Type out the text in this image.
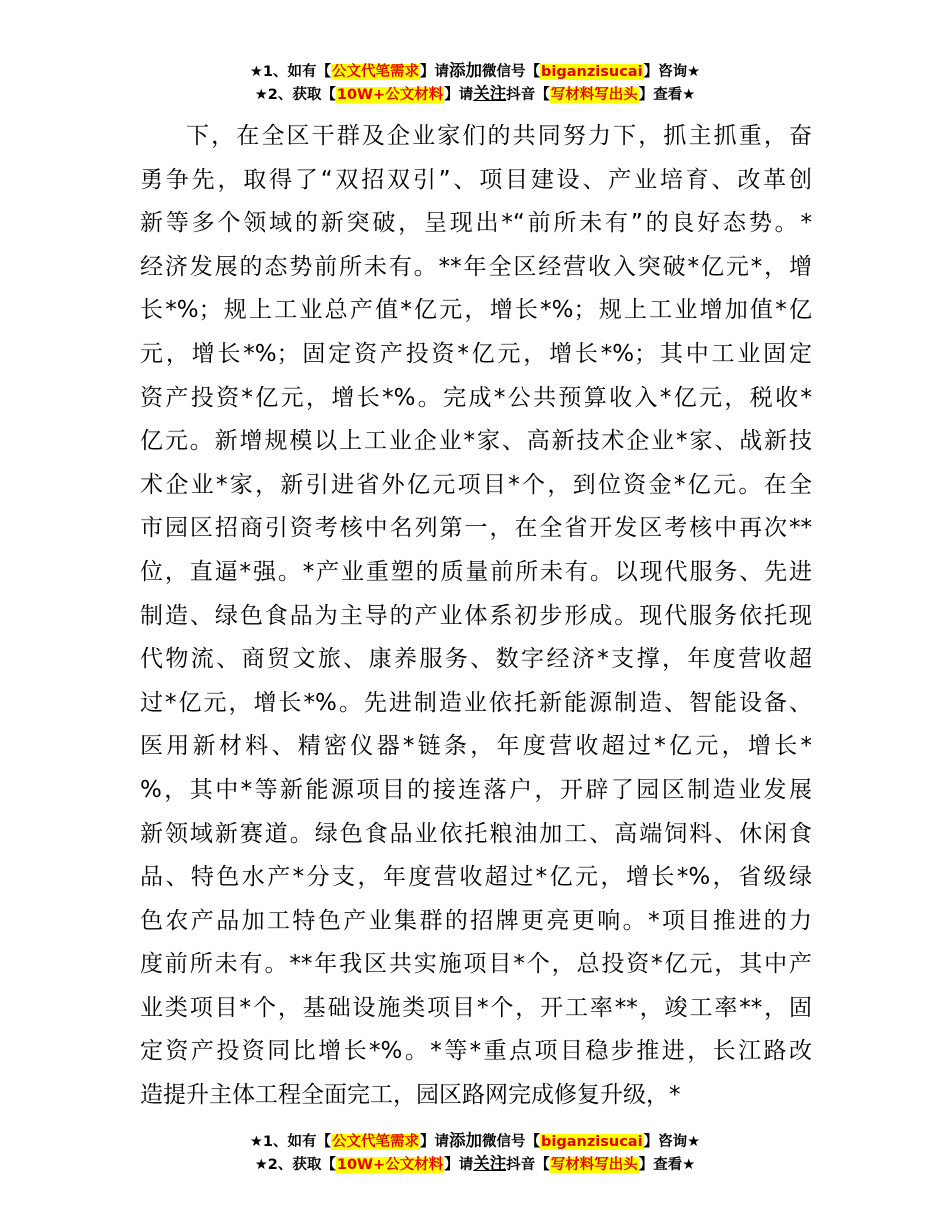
★1、如有【公文代笔需求】请添加微信号【biganzisucai】咨询★
★2、获取【10W+公文材料】请关注抖音【写材料写出头】查看★
下，在全区干群及企业家们的共同努力下，抓主抓重，奋
勇争先，取得了“双招双引”、项目建设、产业培育、改革创
新等多个领域的新突破，呈现出*“前所未有”的良好态势。*
经济发展的态势前所未有。**年全区经营收入突破*亿元*，增
长*%；规上工业总产值*亿元，增长*%；规上工业增加值*亿
元，增长*%；固定资产投资*亿元，增长*%；其中工业固定
资产投资*亿元，增长*%。完成*公共预算收入*亿元，税收*
亿元。新增规模以上工业企业*家、高新技术企业*家、战新技
术企业*家，新引进省外亿元项目*个，到位资金*亿元。在全
市园区招商引资考核中名列第一，在全省开发区考核中再次**
位，直逼*强。*产业重塑的质量前所未有。以现代服务、先进
制造、绿色食品为主导的产业体系初步形成。现代服务依托现
代物流、商贸文旅、康养服务、数字经济*支撑，年度营收超
过*亿元，增长*%。先进制造业依托新能源制造、智能设备、
医用新材料、精密仪器*链条，年度营收超过*亿元，增长*
%，其中*等新能源项目的接连落户，开辟了园区制造业发展
新领域新赛道。绿色食品业依托粮油加工、高端饲料、休闲食
品、特色水产*分支，年度营收超过*亿元，增长*%，省级绿
色农产品加工特色产业集群的招牌更亮更响。*项目推进的力
度前所未有。**年我区共实施项目*个，总投资*亿元，其中产
业类项目*个，基础设施类项目*个，开工率**，竣工率**，固
定资产投资同比增长*%。*等*重点项目稳步推进，长江路改
造提升主体工程全面完工，园区路网完成修复升级，*
★1、如有【公文代笔需求】请添加微信号【biganzisucai】咨询★
★2、获取【10W+公文材料】请关注抖音【写材料写出头】查看★
